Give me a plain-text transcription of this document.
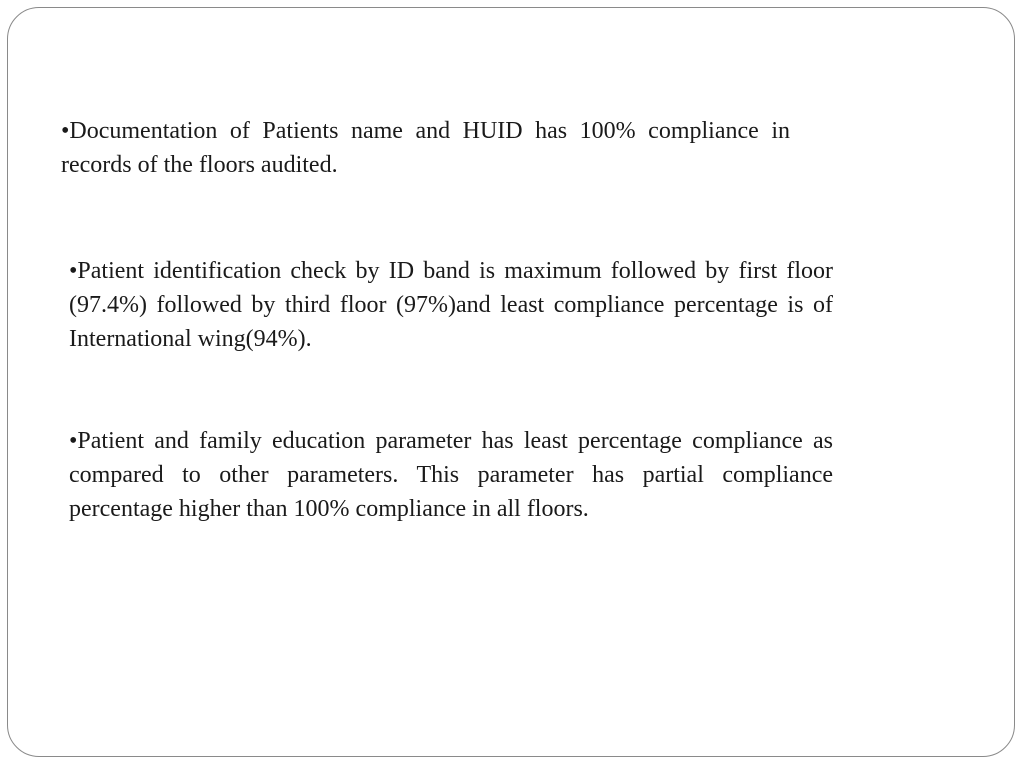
•Documentation of Patients name and HUID has 100% compliance in records of the floors audited.

•Patient identification check by ID band is maximum followed by first floor (97.4%) followed by third floor (97%)and least compliance percentage is of International wing(94%).

•Patient and family education parameter has least percentage compliance as compared to other parameters. This parameter has partial compliance percentage higher than 100% compliance in all floors.
